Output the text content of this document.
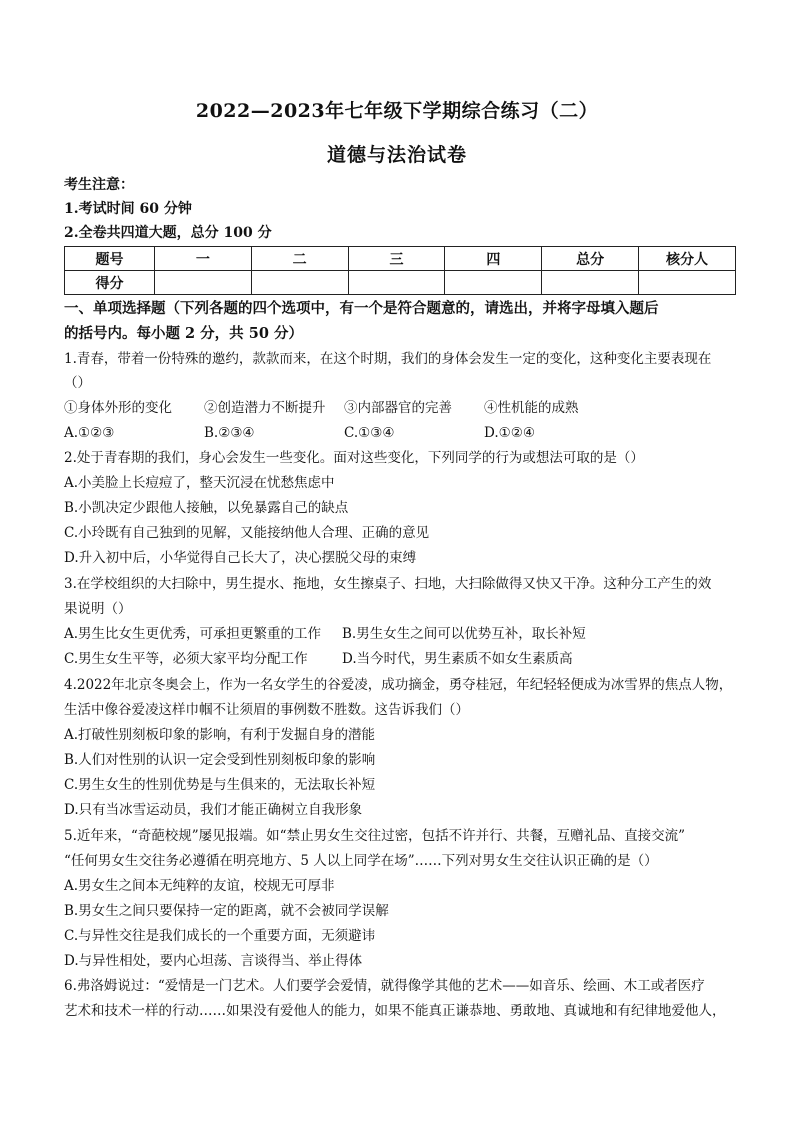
2022—2023年七年级下学期综合练习（二）
道德与法治试卷
考生注意：
1.考试时间 60 分钟
2.全卷共四道大题，总分 100 分
题号	一	二	三	四	总分	核分人
得分						
一、单项选择题（下列各题的四个选项中，有一个是符合题意的，请选出，并将字母填入题后
的括号内。每小题 2 分，共 50 分）
1.青春，带着一份特殊的邀约，款款而来，在这个时期，我们的身体会发生一定的变化，这种变化主要表现在
（）
①身体外形的变化 ②创造潜力不断提升 ③内部器官的完善 ④性机能的成熟
A.①②③	B.②③④	C.①③④	D.①②④
2.处于青春期的我们，身心会发生一些变化。面对这些变化，下列同学的行为或想法可取的是（）
A.小美脸上长痘痘了，整天沉浸在忧愁焦虑中
B.小凯决定少跟他人接触，以免暴露自己的缺点
C.小玲既有自己独到的见解，又能接纳他人合理、正确的意见
D.升入初中后，小华觉得自己长大了，决心摆脱父母的束缚
3.在学校组织的大扫除中，男生提水、拖地，女生擦桌子、扫地，大扫除做得又快又干净。这种分工产生的效
果说明（）
A.男生比女生更优秀，可承担更繁重的工作 B.男生女生之间可以优势互补，取长补短
C.男生女生平等，必须大家平均分配工作	D.当今时代，男生素质不如女生素质高
4.2022年北京冬奥会上，作为一名女学生的谷爱凌，成功摘金，勇夺桂冠，年纪轻轻便成为冰雪界的焦点人物，
生活中像谷爱凌这样巾帼不让须眉的事例数不胜数。这告诉我们（）
A.打破性别刻板印象的影响，有利于发掘自身的潜能
B.人们对性别的认识一定会受到性别刻板印象的影响
C.男生女生的性别优势是与生俱来的，无法取长补短
D.只有当冰雪运动员，我们才能正确树立自我形象
5.近年来，“奇葩校规”屡见报端。如“禁止男女生交往过密，包括不许并行、共餐，互赠礼品、直接交流”
“任何男女生交往务必遵循在明亮地方、5 人以上同学在场”……下列对男女生交往认识正确的是（）
A.男女生之间本无纯粹的友谊，校规无可厚非
B.男女生之间只要保持一定的距离，就不会被同学误解
C.与异性交往是我们成长的一个重要方面，无须避讳
D.与异性相处，要内心坦荡、言谈得当、举止得体
6.弗洛姆说过：“爱情是一门艺术。人们要学会爱情，就得像学其他的艺术——如音乐、绘画、木工或者医疗
艺术和技术一样的行动……如果没有爱他人的能力，如果不能真正谦恭地、勇敢地、真诚地和有纪律地爱他人，
